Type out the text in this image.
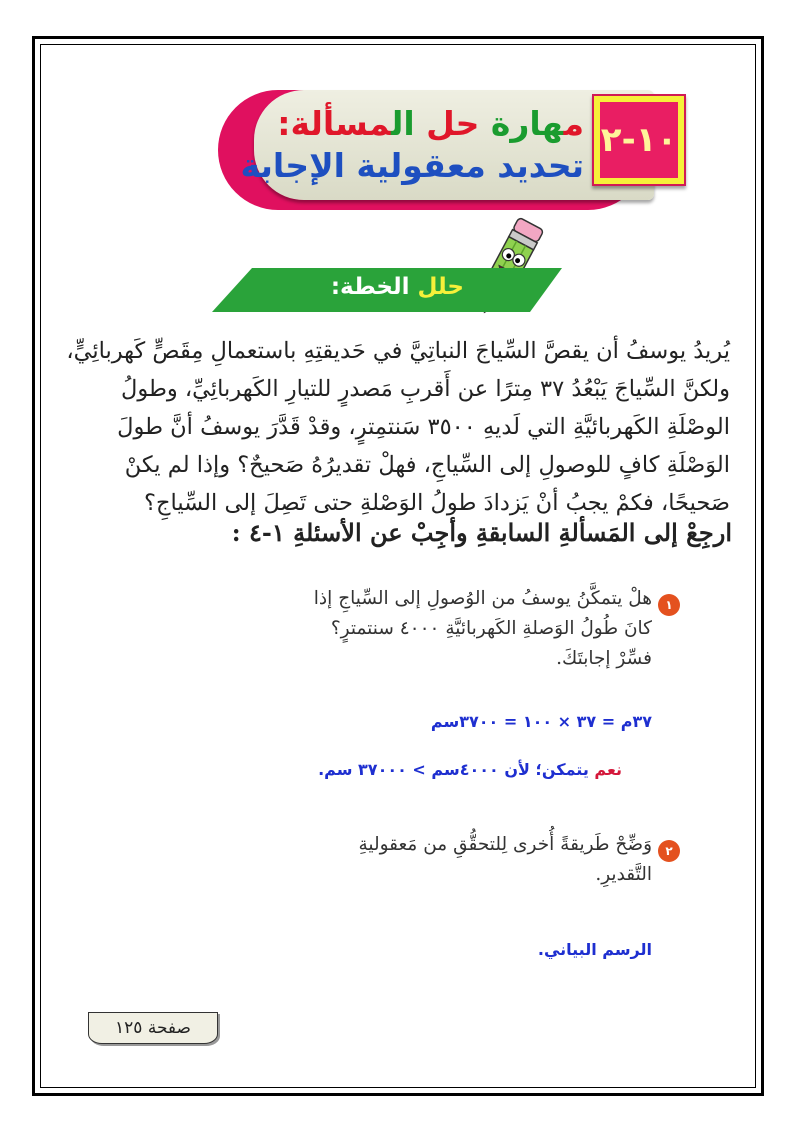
مهارة حل المسألة:
تحديد معقولية الإجابة
١٠-٢
حلل الخطة:
يُريدُ يوسفُ أن يقصَّ السِّياجَ النباتِيَّ في حَديقتِهِ باستعمالِ مِقَصٍّ كَهربائِيٍّ،
ولكنَّ السِّياجَ يَبْعُدُ ٣٧ مِترًا عن أَقربِ مَصدرٍ للتيارِ الكَهربائِيِّ، وطولُ
الوصْلَةِ الكَهربائيَّةِ التي لَديهِ ٣٥٠٠ سَنتمِترٍ، وقدْ قَدَّرَ يوسفُ أنَّ طولَ
الوَصْلَةِ كافٍ للوصولِ إلى السِّياجِ، فهلْ تقديرُهُ صَحيحٌ؟ وإذا لم يكنْ
صَحيحًا، فكمْ يجبُ أنْ يَزدادَ طولُ الوَصْلةِ حتى تَصِلَ إلى السِّياجِ؟
ارجِعْ إلى المَسألةِ السابقةِ وأجِبْ عن الأسئلةِ ١-٤ :
١
هلْ يتمكَّنُ يوسفُ من الوُصولِ إلى السِّياجِ إذا
كانَ طُولُ الوَصلةِ الكَهربائيَّةِ ٤٠٠٠ سنتمترٍ؟
فسِّرْ إجابتَكَ.
٣٧م = ٣٧ × ١٠٠ = ٣٧٠٠سم
نعم يتمكن؛ لأن ٤٠٠٠سم > ٣٧٠٠٠ سم.
٢
وَضِّحْ طَريقةً أُخرى لِلتحقُّقِ من مَعقوليةِ
التَّقديرِ.
الرسم البياني.
صفحة ١٢٥
